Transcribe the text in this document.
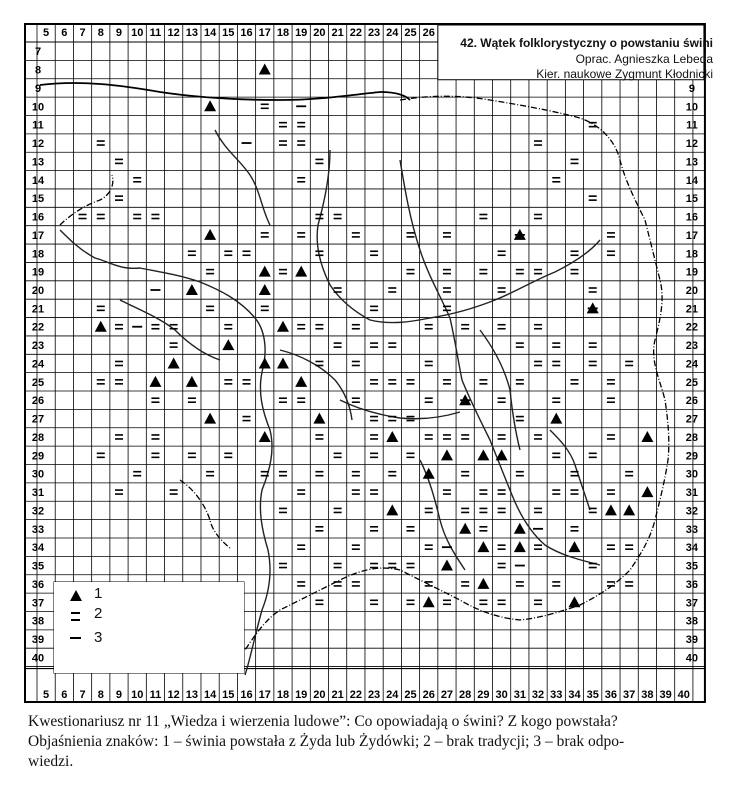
5 6 7 8 9 10 11 12 13 14 15 16 17 18 19 20 21 22 23 24 25 26
5 6 7 8 9 10 11 12 13 14 15 16 17 18 19 20 21 22 23 24 25 26 27 28 29 30 31 32 33 34 35 36 37 38 39 40
7
8
9
10
11
12
13
14
15
16
17
18
19
20
21
22
23
24
25
26
27
28
29
30
31
32
33
34
35
36
37
38
39
40
9
10
11
12
13
14
15
16
17
18
19
20
21
22
23
24
25
26
27
28
29
30
31
32
33
34
35
36
37
38
39
40
42. Wątek folklorystyczny o powstaniu świni
Oprac. Agnieszka Lebeda
Kier. naukowe Zygmunt Kłodnicki
1
2
3
Kwestionariusz nr 11 „Wiedza i wierzenia ludowe”: Co opowiadają o świni? Z kogo powstała?
Objaśnienia znaków: 1 – świnia powstała z Żyda lub Żydówki; 2 – brak tradycji; 3 – brak odpo-
wiedzi.
